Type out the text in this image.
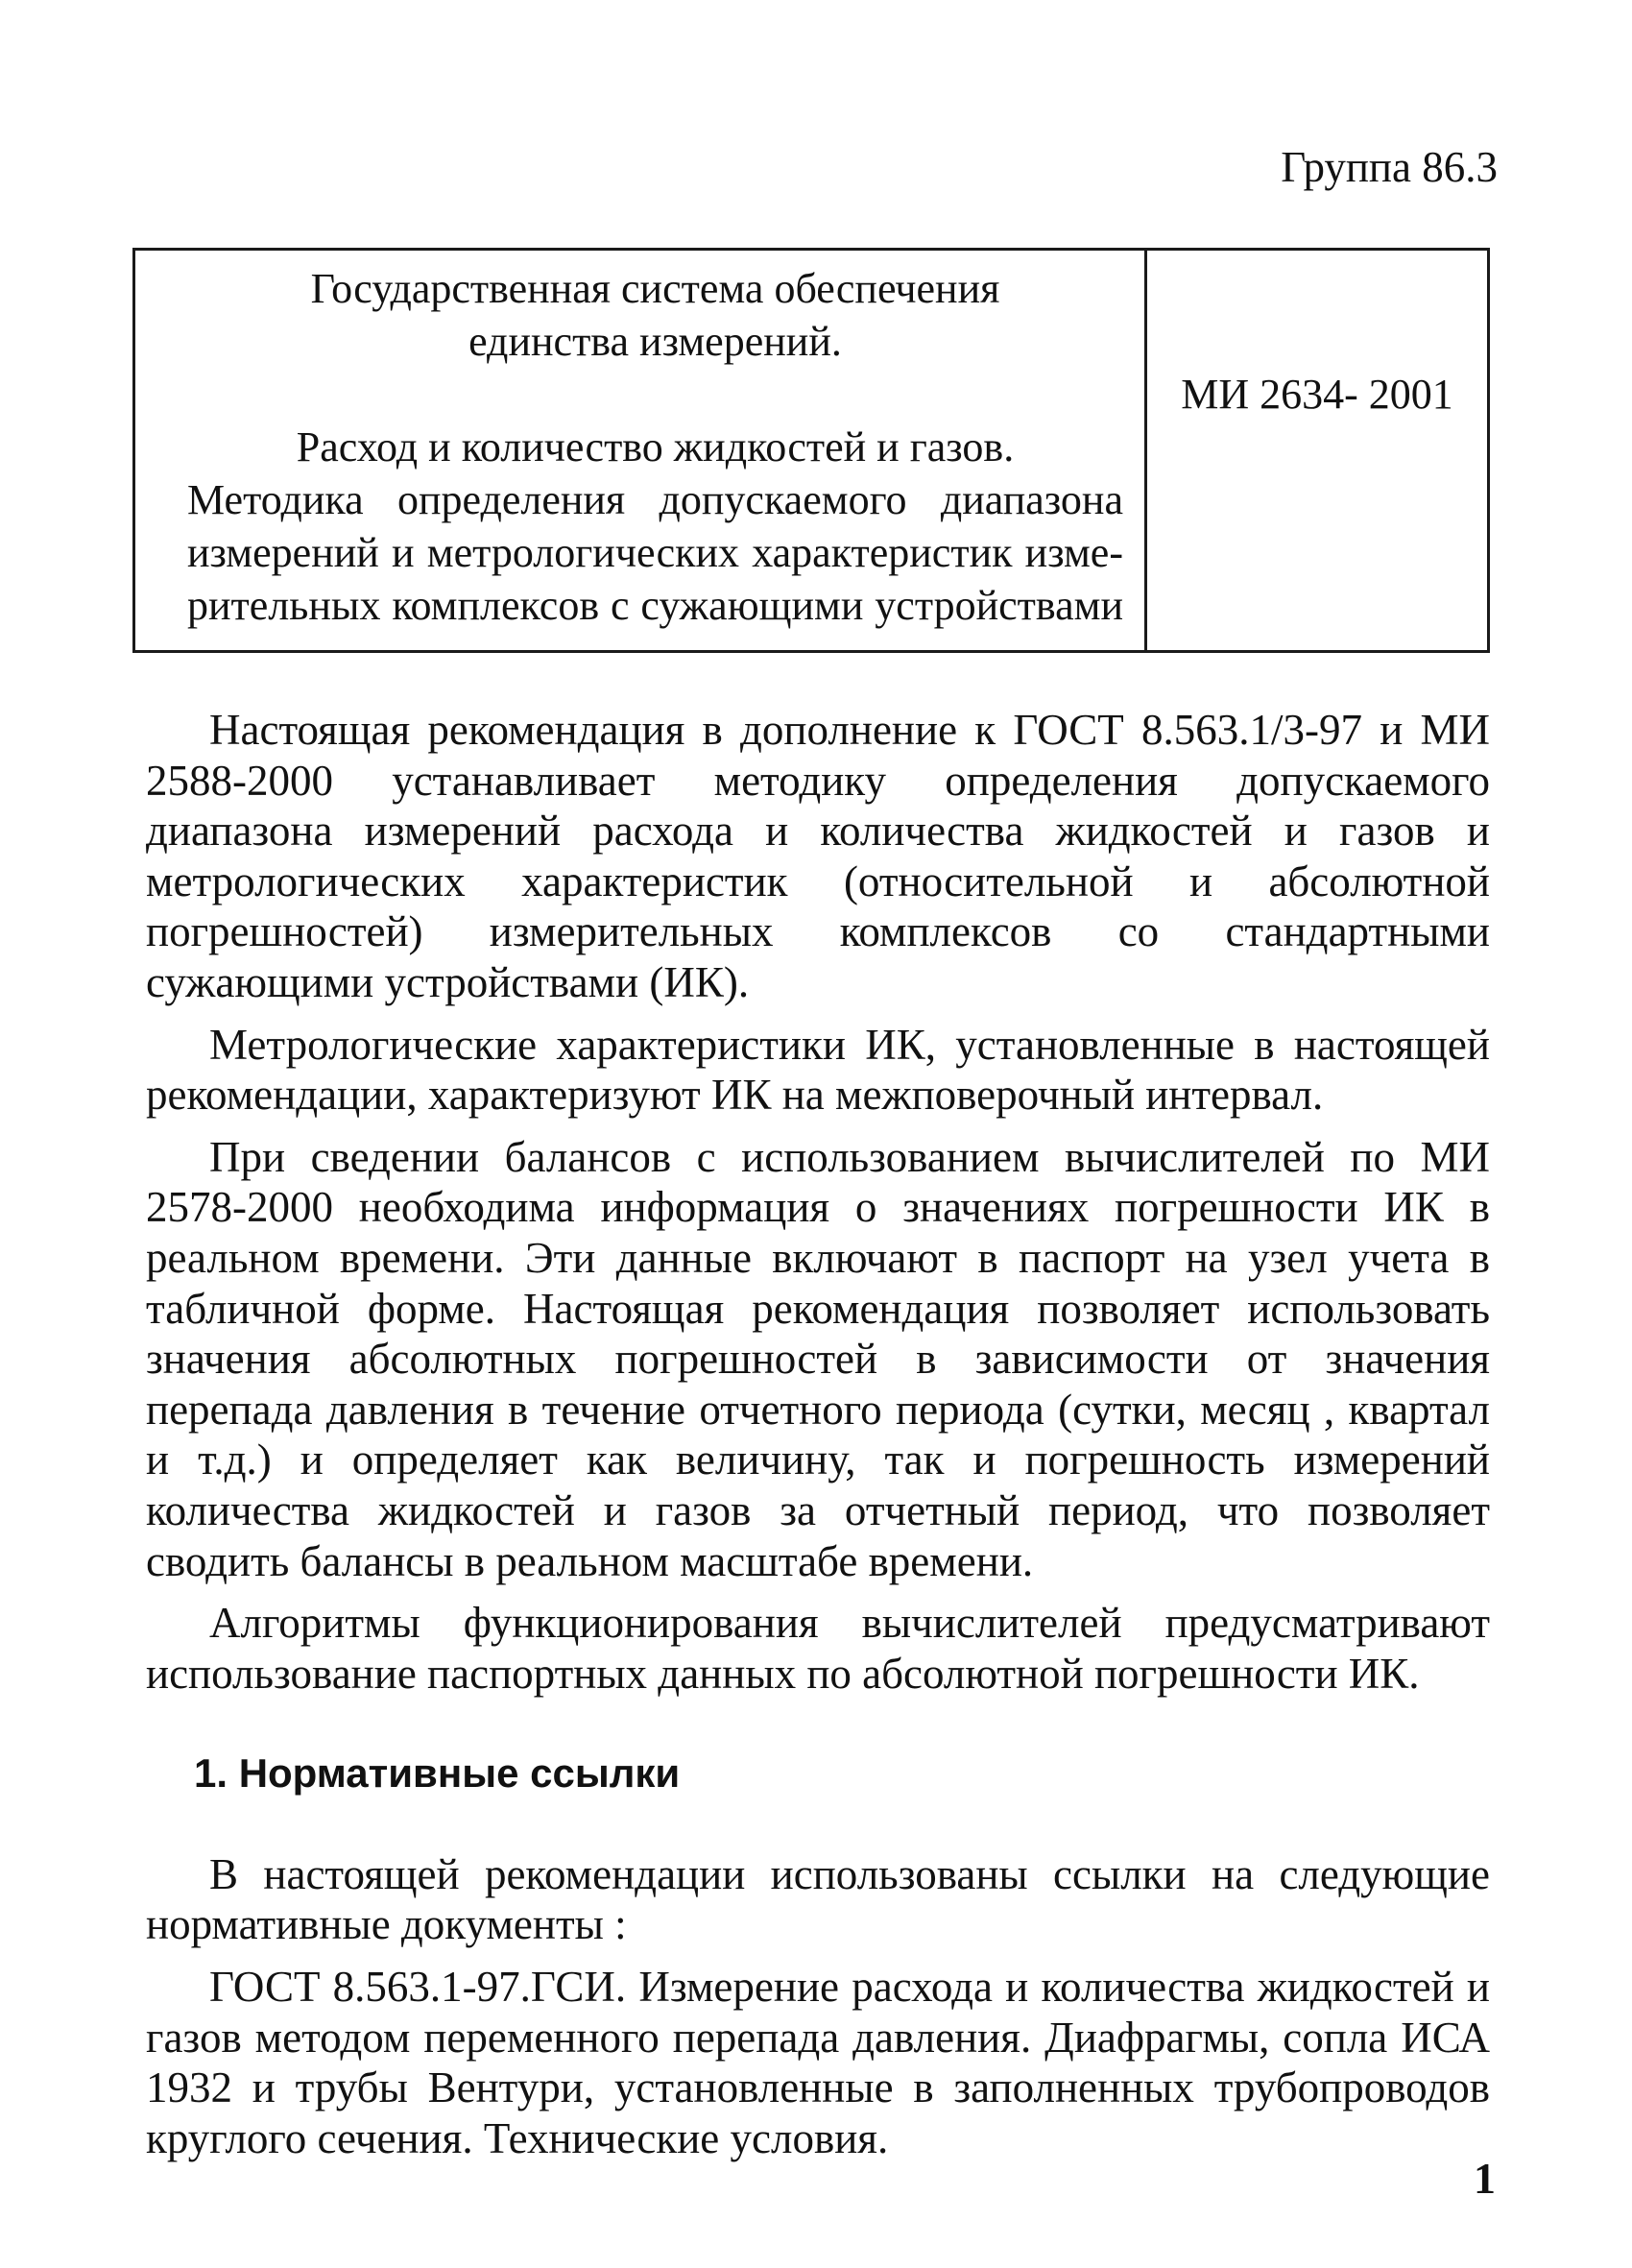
Группа 86.3
Государственная система обеспечения
единства измерений.
Расход и количество жидкостей и газов.
Методика определения допускаемого диапазона
измерений и метрологических характеристик изме-
рительных комплексов с сужающими устройствами
МИ 2634- 2001

Настоящая рекомендация в дополнение к ГОСТ 8.563.1/3-97 и МИ 2588-2000 устанавливает методику определения допускаемого диапазона измерений расхода и количества жидкостей и газов и метрологических характеристик (относительной и абсолютной погрешностей) измерительных комплексов со стандартными сужающими устройствами (ИК).

Метрологические характеристики ИК, установленные в настоящей рекомендации, характеризуют ИК на межповерочный интервал.

При сведении балансов с использованием вычислителей по МИ 2578-2000 необходима информация о значениях погрешности ИК в реальном времени. Эти данные включают в паспорт на узел учета в табличной форме. Настоящая рекомендация позволяет использовать значения абсолютных погрешностей в зависимости от значения перепада давления в течение отчетного периода (сутки, месяц , квартал и т.д.) и определяет как величину, так и погрешность измерений количества жидкостей и газов за отчетный период, что позволяет сводить балансы в реальном масштабе времени.

Алгоритмы функционирования вычислителей предусматривают использование паспортных данных по абсолютной погрешности ИК.

1. Нормативные ссылки

В настоящей рекомендации использованы ссылки на следующие нормативные документы :

ГОСТ 8.563.1-97.ГСИ. Измерение расхода и количества жидкостей и газов методом переменного перепада давления. Диафрагмы, сопла ИСА 1932 и трубы Вентури, установленные в заполненных трубопроводов круглого сечения. Технические условия.

1
